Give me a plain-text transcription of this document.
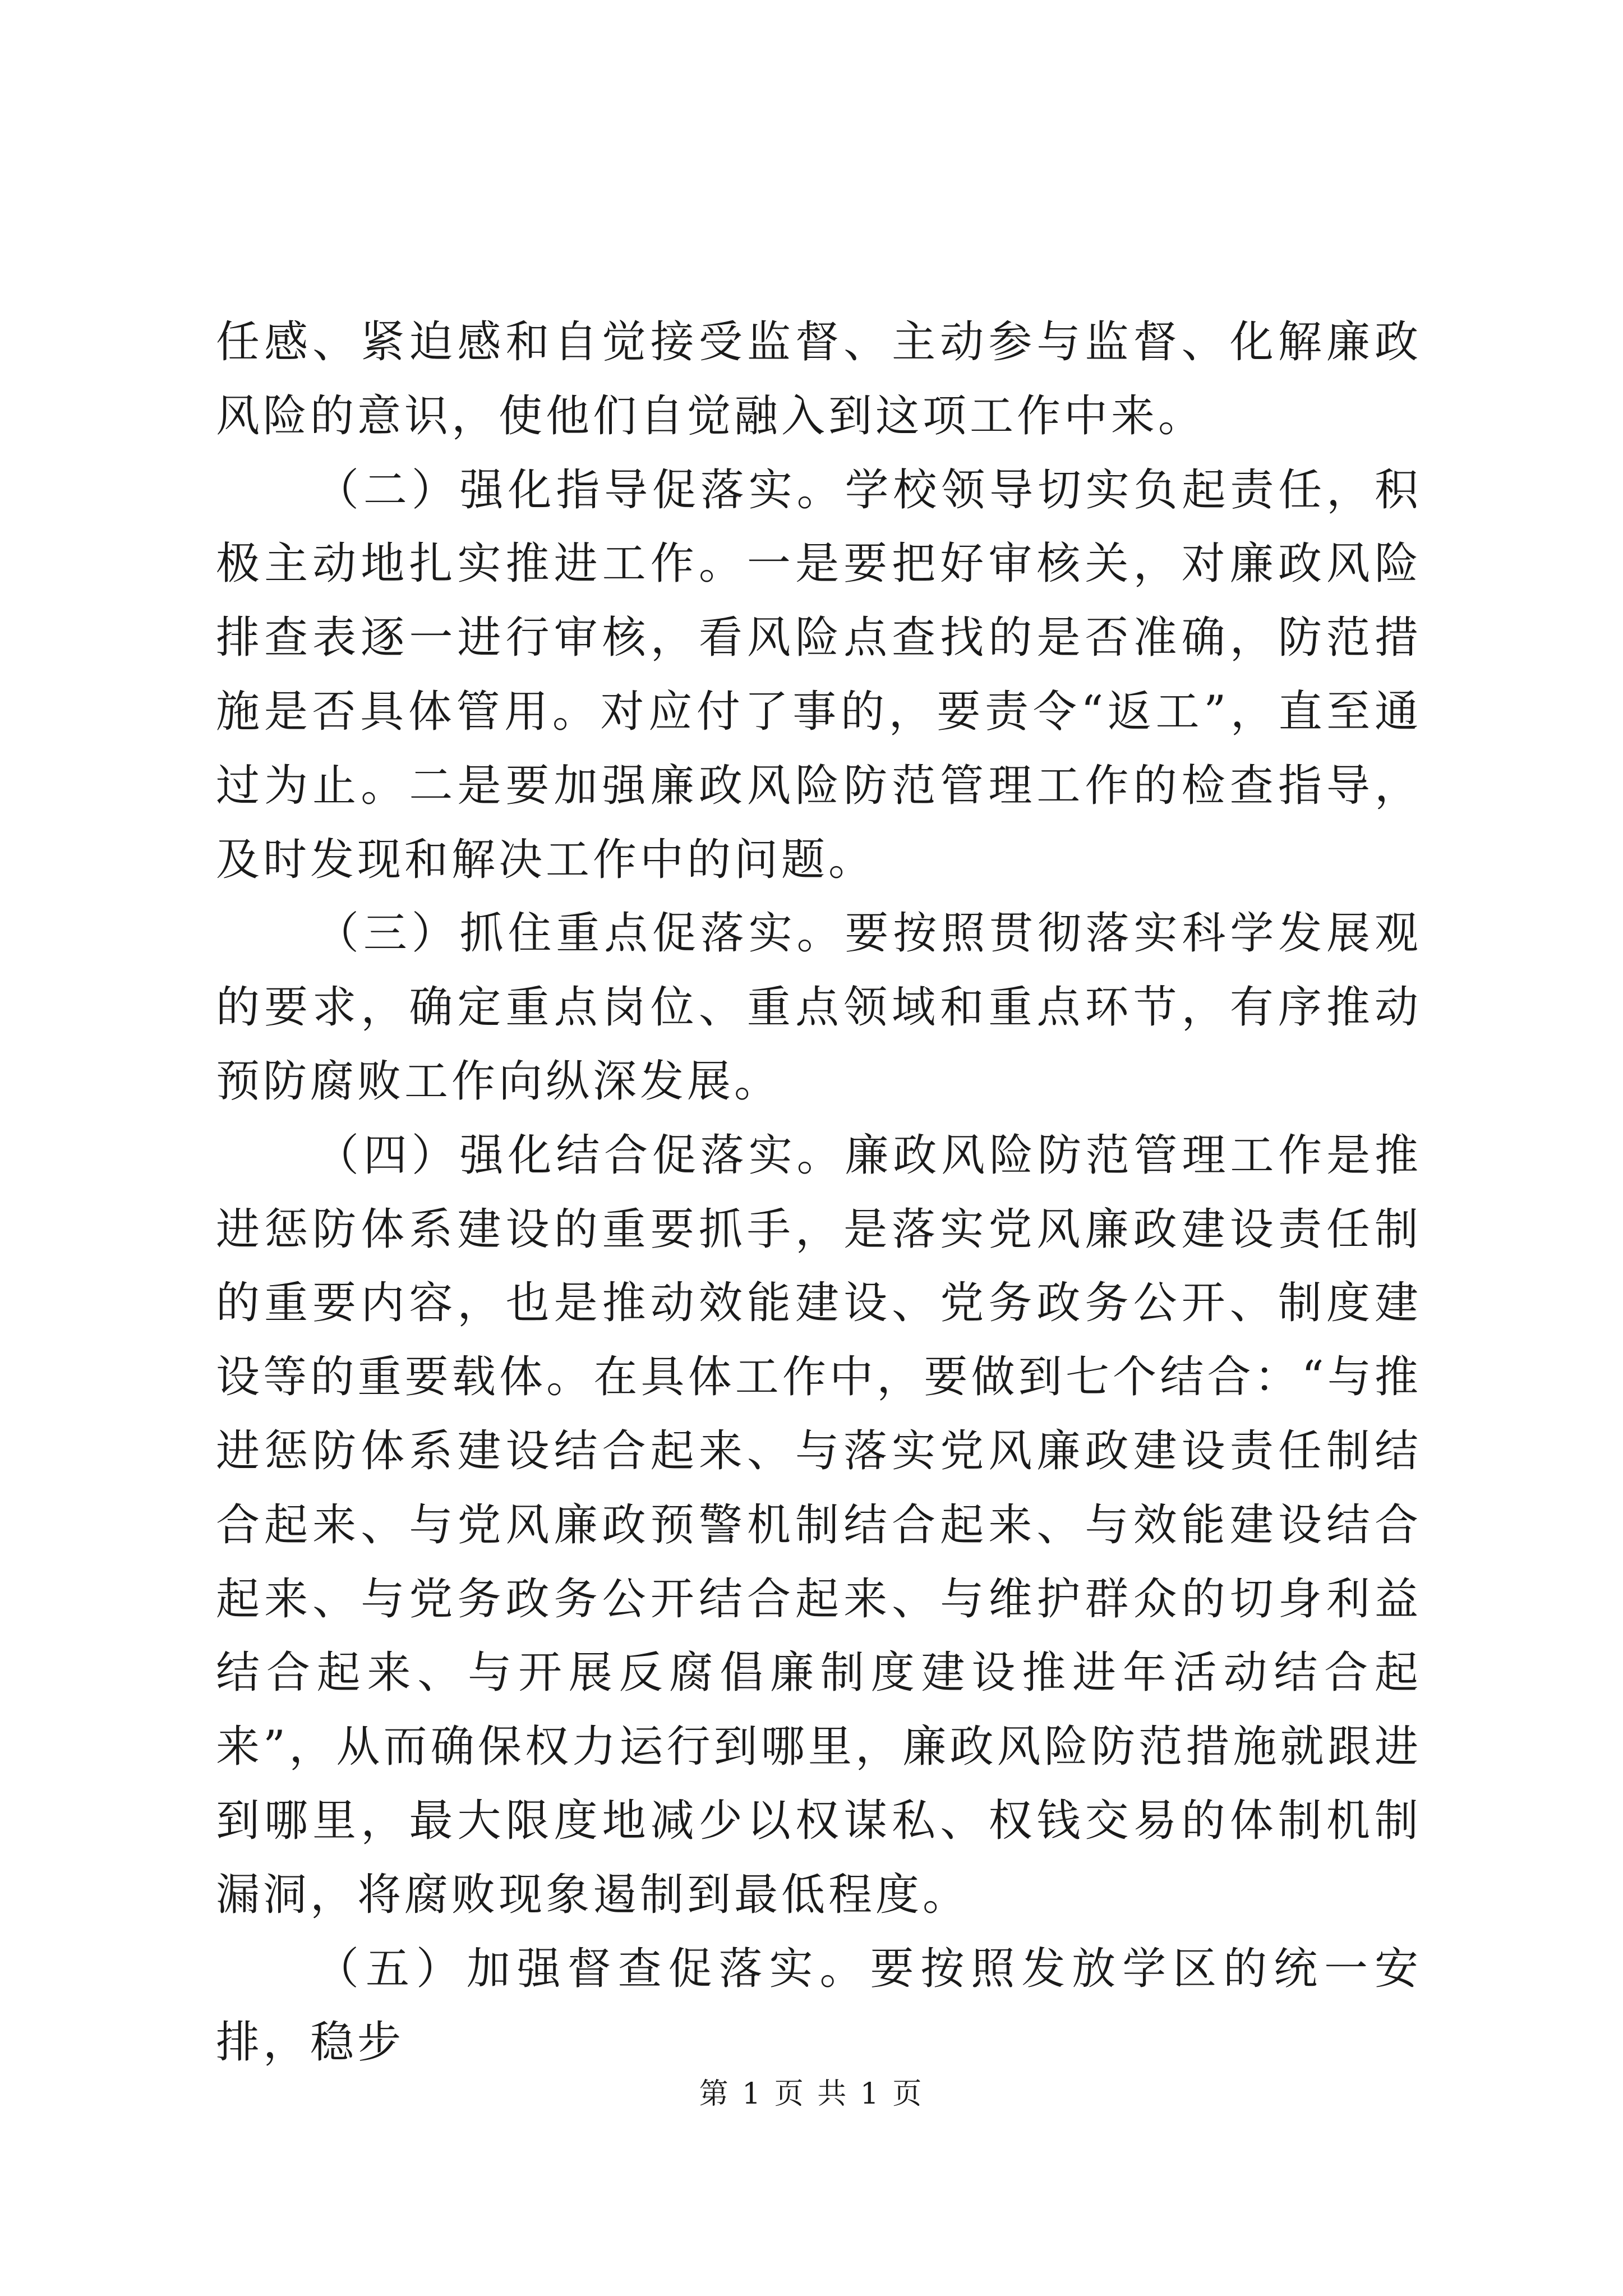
任感、紧迫感和自觉接受监督、主动参与监督、化解廉政风险的意识，使他们自觉融入到这项工作中来。

（二）强化指导促落实。学校领导切实负起责任，积极主动地扎实推进工作。一是要把好审核关，对廉政风险排查表逐一进行审核，看风险点查找的是否准确，防范措施是否具体管用。对应付了事的，要责令“返工”，直至通过为止。二是要加强廉政风险防范管理工作的检查指导，及时发现和解决工作中的问题。

（三）抓住重点促落实。要按照贯彻落实科学发展观的要求，确定重点岗位、重点领域和重点环节，有序推动预防腐败工作向纵深发展。

（四）强化结合促落实。廉政风险防范管理工作是推进惩防体系建设的重要抓手，是落实党风廉政建设责任制的重要内容，也是推动效能建设、党务政务公开、制度建设等的重要载体。在具体工作中，要做到七个结合：“与推进惩防体系建设结合起来、与落实党风廉政建设责任制结合起来、与党风廉政预警机制结合起来、与效能建设结合起来、与党务政务公开结合起来、与维护群众的切身利益结合起来、与开展反腐倡廉制度建设推进年活动结合起来”，从而确保权力运行到哪里，廉政风险防范措施就跟进到哪里，最大限度地减少以权谋私、权钱交易的体制机制漏洞，将腐败现象遏制到最低程度。

（五）加强督查促落实。要按照发放学区的统一安排，稳步

第 1 页 共 1 页
